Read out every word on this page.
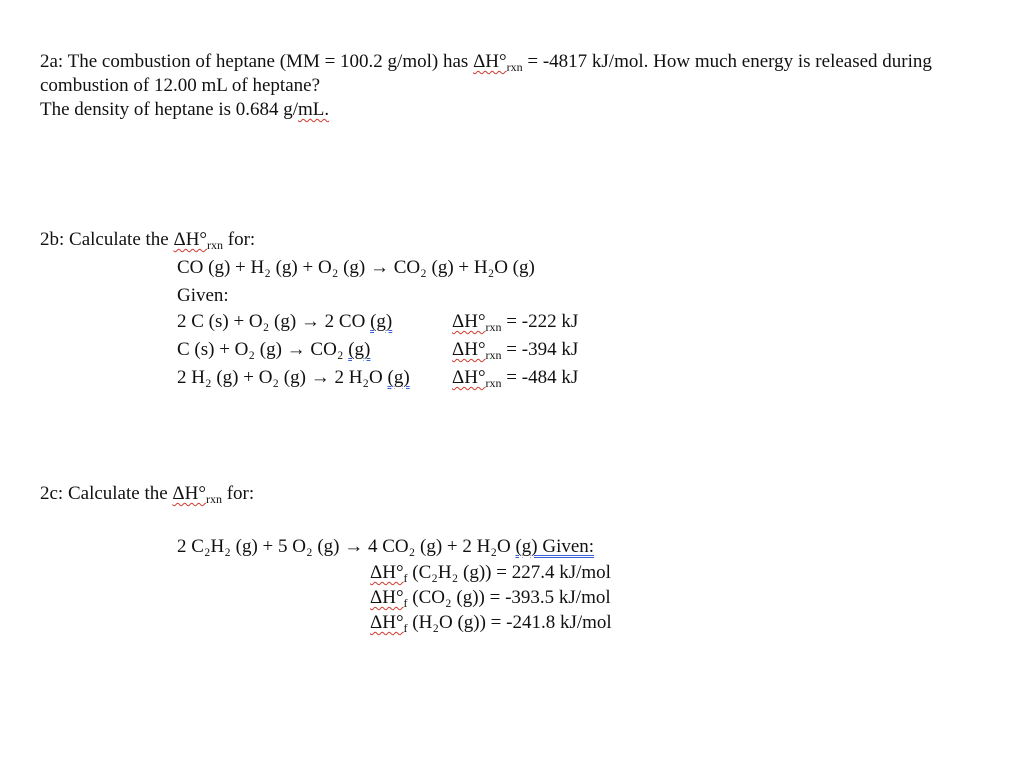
2a: The combustion of heptane (MM = 100.2 g/mol) has $\Delta H^\circ_{rxn} = -4817$ kJ/mol. How much energy is released during
combustion of 12.00 mL of heptane?
The density of heptane is 0.684 g/mL.
2b: Calculate the $\Delta H^\circ_{rxn}$ for:
CO (g) + H₂ (g) + O₂ (g) → CO₂ (g) + H₂O (g)
Given:
2 C (s) + O₂ (g) → 2 CO (g)	$\Delta H^\circ_{rxn} = -222$ kJ
C (s) + O₂ (g) → CO₂ (g)	$\Delta H^\circ_{rxn} = -394$ kJ
2 H₂ (g) + O₂ (g) → 2 H₂O (g) $\Delta H^\circ_{rxn} = -484$ kJ
2c: Calculate the $\Delta H^\circ_{rxn}$ for:
2 C₂H₂ (g) + 5 O₂ (g) → 4 CO₂ (g) + 2 H₂O (g) Given:
$\Delta H^\circ_f$ (C₂H₂ (g)) = 227.4 kJ/mol
$\Delta H^\circ_f$ (CO₂ (g)) = -393.5 kJ/mol
$\Delta H^\circ_f$ (H₂O (g)) = -241.8 kJ/mol
